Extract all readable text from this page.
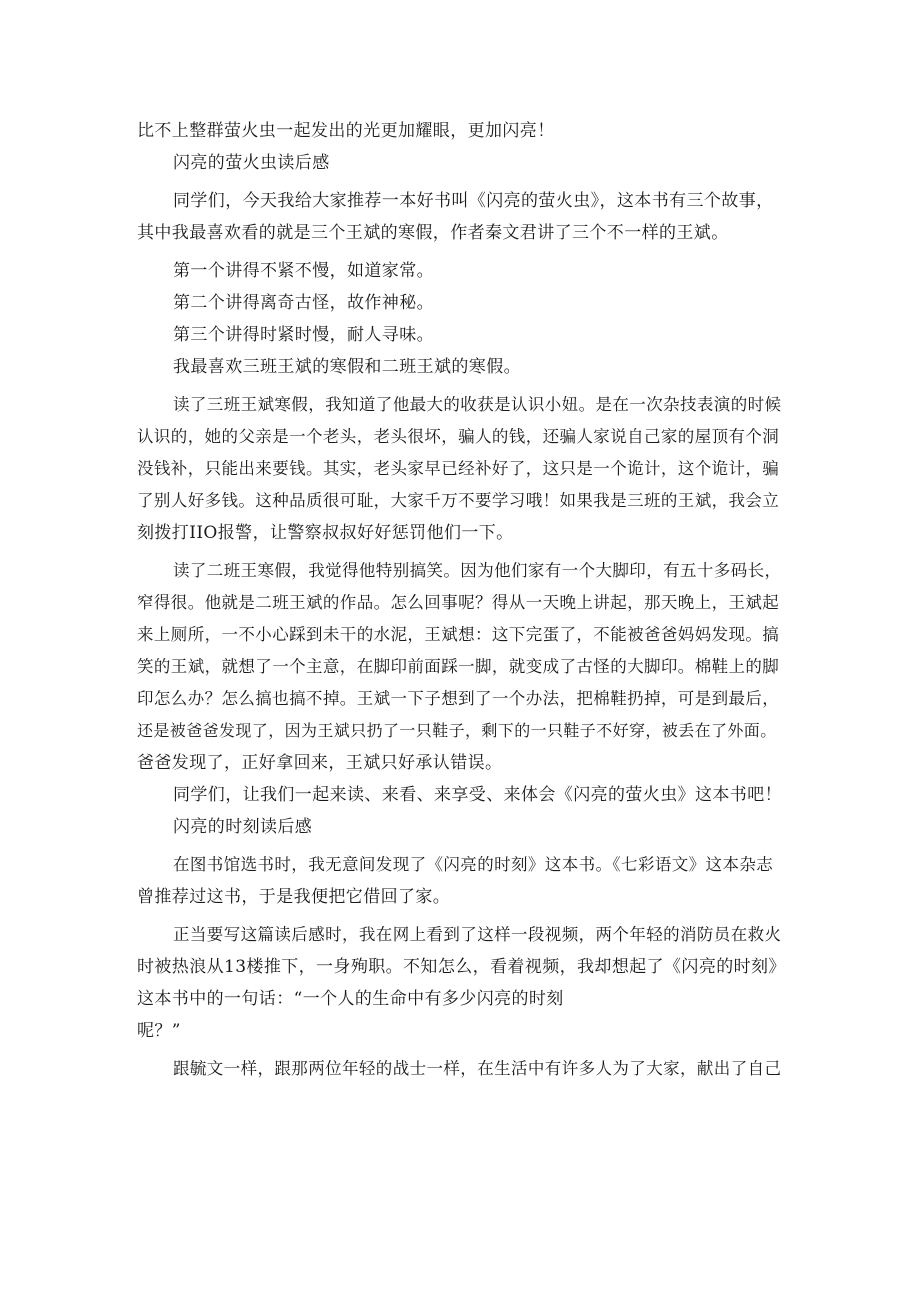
比不上整群萤火虫一起发出的光更加耀眼，更加闪亮！
闪亮的萤火虫读后感
同学们，今天我给大家推荐一本好书叫《闪亮的萤火虫》，这本书有三个故事，
其中我最喜欢看的就是三个王斌的寒假，作者秦文君讲了三个不一样的王斌。
第一个讲得不紧不慢，如道家常。
第二个讲得离奇古怪，故作神秘。
第三个讲得时紧时慢，耐人寻味。
我最喜欢三班王斌的寒假和二班王斌的寒假。
读了三班王斌寒假，我知道了他最大的收获是认识小妞。是在一次杂技表演的时候
认识的，她的父亲是一个老头，老头很坏，骗人的钱，还骗人家说自己家的屋顶有个洞
没钱补，只能出来要钱。其实，老头家早已经补好了，这只是一个诡计，这个诡计，骗
了别人好多钱。这种品质很可耻，大家千万不要学习哦！如果我是三班的王斌，我会立
刻拨打IIO报警，让警察叔叔好好惩罚他们一下。
读了二班王寒假，我觉得他特别搞笑。因为他们家有一个大脚印，有五十多码长，
窄得很。他就是二班王斌的作品。怎么回事呢？得从一天晚上讲起，那天晚上，王斌起
来上厕所，一不小心踩到未干的水泥，王斌想：这下完蛋了，不能被爸爸妈妈发现。搞
笑的王斌，就想了一个主意，在脚印前面踩一脚，就变成了古怪的大脚印。棉鞋上的脚
印怎么办？怎么搞也搞不掉。王斌一下子想到了一个办法，把棉鞋扔掉，可是到最后，
还是被爸爸发现了，因为王斌只扔了一只鞋子，剩下的一只鞋子不好穿，被丢在了外面。
爸爸发现了，正好拿回来，王斌只好承认错误。
同学们，让我们一起来读、来看、来享受、来体会《闪亮的萤火虫》这本书吧！
闪亮的时刻读后感
在图书馆选书时，我无意间发现了《闪亮的时刻》这本书。《七彩语文》这本杂志
曾推荐过这书，于是我便把它借回了家。
正当要写这篇读后感时，我在网上看到了这样一段视频，两个年轻的消防员在救火
时被热浪从13楼推下，一身殉职。不知怎么，看着视频，我却想起了《闪亮的时刻》
这本书中的一句话：“一个人的生命中有多少闪亮的时刻
呢？”
跟毓文一样，跟那两位年轻的战士一样，在生活中有许多人为了大家，献出了自己
